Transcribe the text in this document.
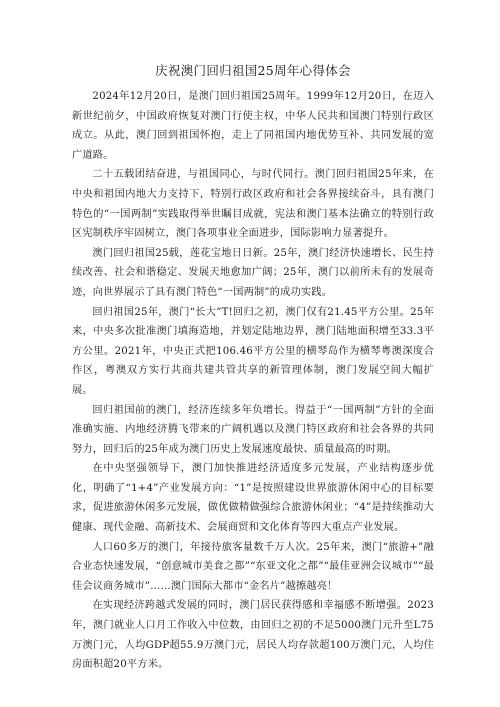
庆祝澳门回归祖国25周年心得体会

2024年12月20日，是澳门回归祖国25周年。1999年12月20日，在迈入新世纪前夕，中国政府恢复对澳门行使主权，中华人民共和国澳门特别行政区成立。从此，澳门回到祖国怀抱，走上了同祖国内地优势互补、共同发展的宽广道路。

二十五载团结奋进，与祖国同心，与时代同行。澳门回归祖国25年来，在中央和祖国内地大力支持下，特别行政区政府和社会各界接续奋斗，具有澳门特色的“一国两制”实践取得举世瞩目成就，宪法和澳门基本法确立的特别行政区宪制秩序牢固树立，澳门各项事业全面进步，国际影响力显著提升。

澳门回归祖国25载，莲花宝地日日新。25年，澳门经济快速增长、民生持续改善、社会和谐稳定、发展天地愈加广阔；25年，澳门以前所未有的发展奇迹，向世界展示了具有澳门特色“一国两制”的成功实践。

回归祖国25年，澳门“长大”T!回归之初，澳门仅有21.45平方公里。25年来，中央多次批准澳门填海造地，并划定陆地边界，澳门陆地面积增至33.3平方公里。2021年，中央正式把106.46平方公里的横琴岛作为横琴粤澳深度合作区，粤澳双方实行共商共建共管共享的新管理体制，澳门发展空间大幅扩展。

回归祖国前的澳门，经济连续多年负增长。得益于“一国两制”方针的全面准确实施、内地经济腾飞带来的广阔机遇以及澳门特区政府和社会各界的共同努力，回归后的25年成为澳门历史上发展速度最快、质量最高的时期。

在中央坚强领导下，澳门加快推进经济适度多元发展，产业结构逐步优化，明确了“1+4”产业发展方向：“1”是按照建设世界旅游休闲中心的目标要求，促进旅游休闲多元发展，做优做精做强综合旅游休闲业；“4”是持续推动大健康、现代金融、高新技术、会展商贸和文化体育等四大重点产业发展。

人口60多万的澳门，年接待旅客量数千万人次。25年来，澳门“旅游+”融合业态快速发展，“创意城市美食之都”“东亚文化之都”“最佳亚洲会议城市”“最佳会议商务城市”……澳门国际大都市“金名片”越擦越亮！

在实现经济跨越式发展的同时，澳门居民获得感和幸福感不断增强。2023年，澳门就业人口月工作收入中位数，由回归之初的不足5000澳门元升至L75万澳门元，人均GDP超55.9万澳门元，居民人均存款超100万澳门元，人均住房面积超20平方米。
